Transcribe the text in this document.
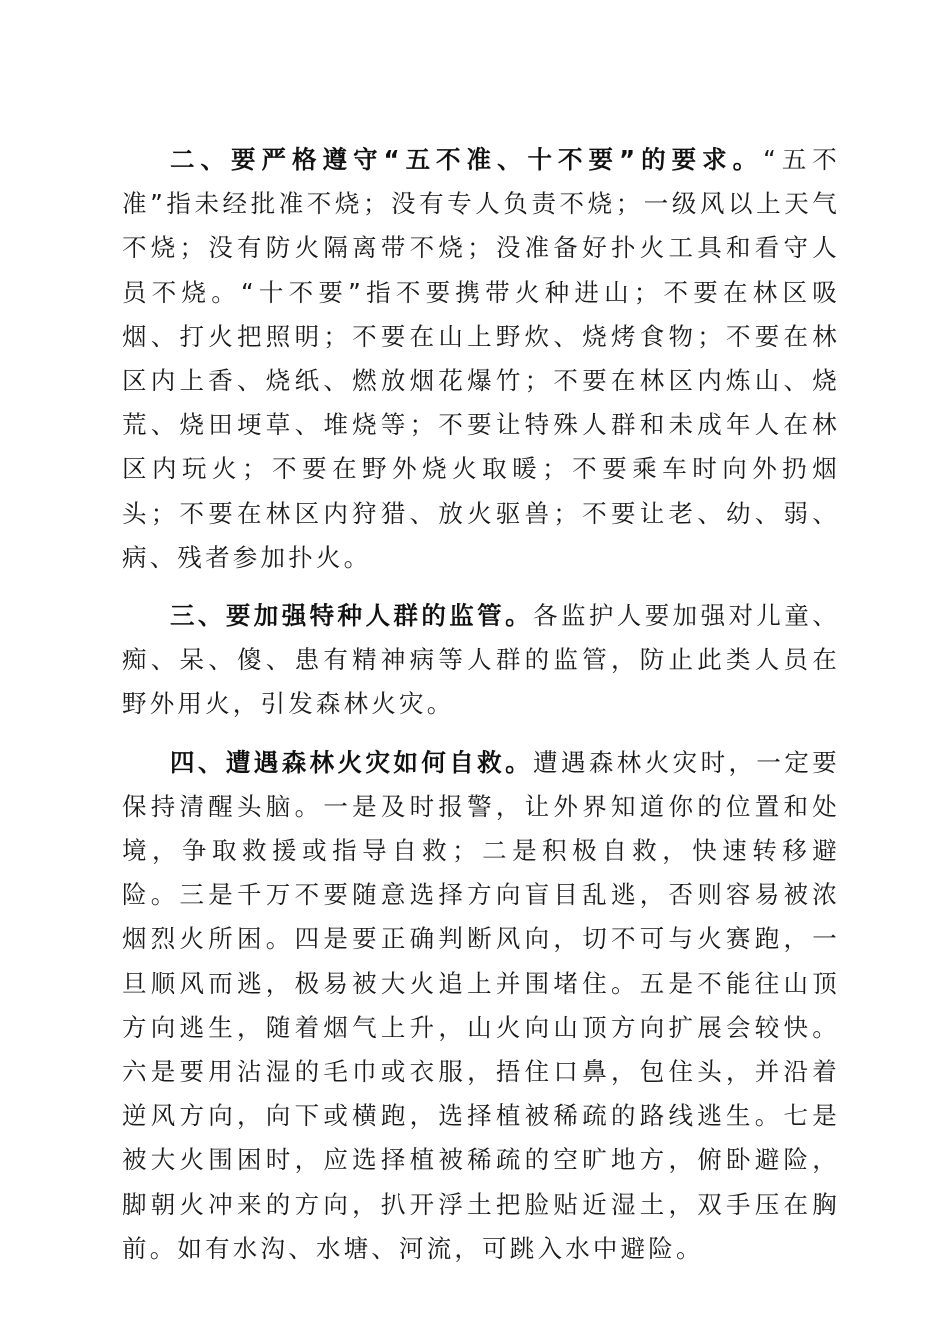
二、要严格遵守“五不准、十不要”的要求。“五不准”指未经批准不烧；没有专人负责不烧；一级风以上天气不烧；没有防火隔离带不烧；没准备好扑火工具和看守人员不烧。“十不要”指不要携带火种进山；不要在林区吸烟、打火把照明；不要在山上野炊、烧烤食物；不要在林区内上香、烧纸、燃放烟花爆竹；不要在林区内炼山、烧荒、烧田埂草、堆烧等；不要让特殊人群和未成年人在林区内玩火；不要在野外烧火取暖；不要乘车时向外扔烟头；不要在林区内狩猎、放火驱兽；不要让老、幼、弱、病、残者参加扑火。

三、要加强特种人群的监管。各监护人要加强对儿童、痴、呆、傻、患有精神病等人群的监管，防止此类人员在野外用火，引发森林火灾。

四、遭遇森林火灾如何自救。遭遇森林火灾时，一定要保持清醒头脑。一是及时报警，让外界知道你的位置和处境，争取救援或指导自救；二是积极自救，快速转移避险。三是千万不要随意选择方向盲目乱逃，否则容易被浓烟烈火所困。四是要正确判断风向，切不可与火赛跑，一旦顺风而逃，极易被大火追上并围堵住。五是不能往山顶方向逃生，随着烟气上升，山火向山顶方向扩展会较快。六是要用沾湿的毛巾或衣服，捂住口鼻，包住头，并沿着逆风方向，向下或横跑，选择植被稀疏的路线逃生。七是被大火围困时，应选择植被稀疏的空旷地方，俯卧避险，脚朝火冲来的方向，扒开浮土把脸贴近湿土，双手压在胸前。如有水沟、水塘、河流，可跳入水中避险。
